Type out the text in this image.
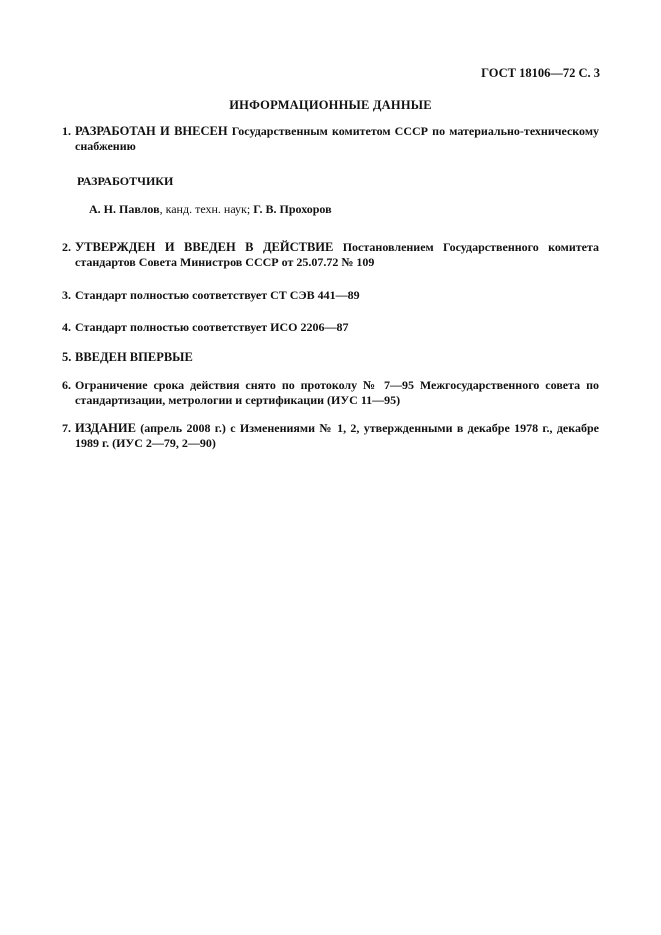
ГОСТ 18106—72 С. 3
ИНФОРМАЦИОННЫЕ ДАННЫЕ

1. РАЗРАБОТАН И ВНЕСЕН Государственным комитетом СССР по материально-техническому снабжению

РАЗРАБОТЧИКИ
А. Н. Павлов, канд. техн. наук; Г. В. Прохоров

2. УТВЕРЖДЕН И ВВЕДЕН В ДЕЙСТВИЕ Постановлением Государственного комитета стандартов Совета Министров СССР от 25.07.72 № 109

3. Стандарт полностью соответствует СТ СЭВ 441—89

4. Стандарт полностью соответствует ИСО 2206—87

5. ВВЕДЕН ВПЕРВЫЕ

6. Ограничение срока действия снято по протоколу № 7—95 Межгосударственного совета по стандартизации, метрологии и сертификации (ИУС 11—95)

7. ИЗДАНИЕ (апрель 2008 г.) с Изменениями № 1, 2, утвержденными в декабре 1978 г., декабре 1989 г. (ИУС 2—79, 2—90)
